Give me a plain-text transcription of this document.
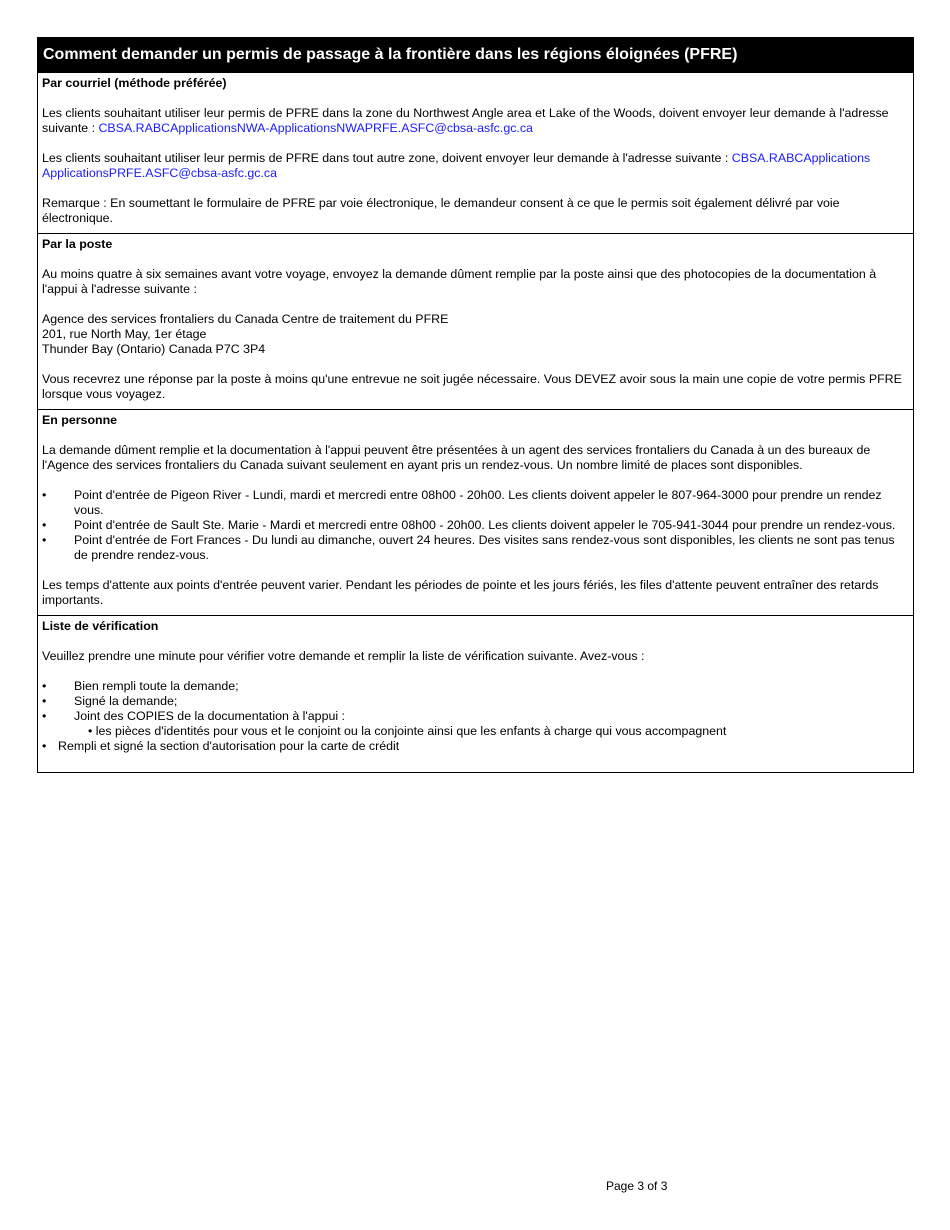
Comment demander un permis de passage à la frontière dans les régions éloignées (PFRE)
Par courriel (méthode préférée)

Les clients souhaitant utiliser leur permis de PFRE dans la zone du Northwest Angle area et Lake of the Woods, doivent envoyer leur demande à l'adresse suivante : CBSA.RABCApplicationsNWA-ApplicationsNWAPRFE.ASFC@cbsa-asfc.gc.ca

Les clients souhaitant utiliser leur permis de PFRE dans tout autre zone, doivent envoyer leur demande à l'adresse suivante : CBSA.RABCApplications ApplicationsPRFE.ASFC@cbsa-asfc.gc.ca

Remarque : En soumettant le formulaire de PFRE par voie électronique, le demandeur consent à ce que le permis soit également délivré par voie électronique.

Par la poste

Au moins quatre à six semaines avant votre voyage, envoyez la demande dûment remplie par la poste ainsi que des photocopies de la documentation à l'appui à l'adresse suivante :

Agence des services frontaliers du Canada Centre de traitement du PFRE
201, rue North May, 1er étage
Thunder Bay (Ontario) Canada P7C 3P4

Vous recevrez une réponse par la poste à moins qu'une entrevue ne soit jugée nécessaire. Vous DEVEZ avoir sous la main une copie de votre permis PFRE lorsque vous voyagez.

En personne

La demande dûment remplie et la documentation à l'appui peuvent être présentées à un agent des services frontaliers du Canada à un des bureaux de l'Agence des services frontaliers du Canada suivant seulement en ayant pris un rendez-vous. Un nombre limité de places sont disponibles.

• Point d'entrée de Pigeon River - Lundi, mardi et mercredi entre 08h00 - 20h00. Les clients doivent appeler le 807-964-3000 pour prendre un rendez vous.
• Point d'entrée de Sault Ste. Marie - Mardi et mercredi entre 08h00 - 20h00. Les clients doivent appeler le 705-941-3044 pour prendre un rendez-vous.
• Point d'entrée de Fort Frances - Du lundi au dimanche, ouvert 24 heures. Des visites sans rendez-vous sont disponibles, les clients ne sont pas tenus de prendre rendez-vous.

Les temps d'attente aux points d'entrée peuvent varier. Pendant les périodes de pointe et les jours fériés, les files d'attente peuvent entraîner des retards importants.

Liste de vérification

Veuillez prendre une minute pour vérifier votre demande et remplir la liste de vérification suivante. Avez-vous :

• Bien rempli toute la demande;
• Signé la demande;
• Joint des COPIES de la documentation à l'appui :
• les pièces d'identités pour vous et le conjoint ou la conjointe ainsi que les enfants à charge qui vous accompagnent
• Rempli et signé la section d'autorisation pour la carte de crédit
Page 3 of 3
